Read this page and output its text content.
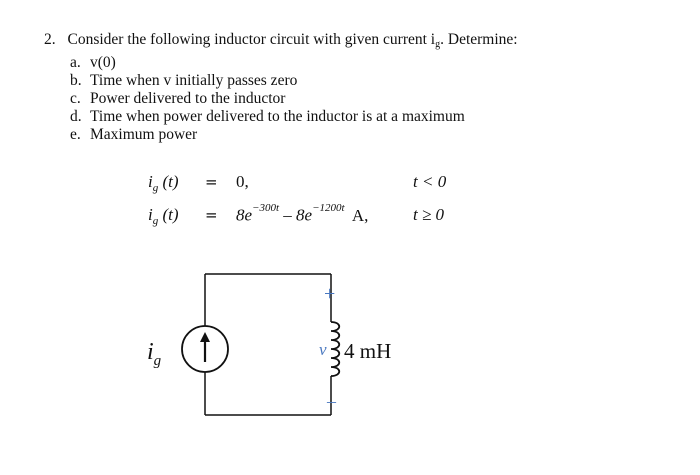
2. Consider the following inductor circuit with given current $i_g$. Determine:
a. v(0)
b. Time when v initially passes zero
c. Power delivered to the inductor
d. Time when power delivered to the inductor is at a maximum
e. Maximum power
$i_g$ (t) = 0,	t < 0
$i_g$ $(t) = 8e^{-300t} - 8e^{-1200t}$ A,	t ≥ 0
$i_g$
+
–
v 4 mH
